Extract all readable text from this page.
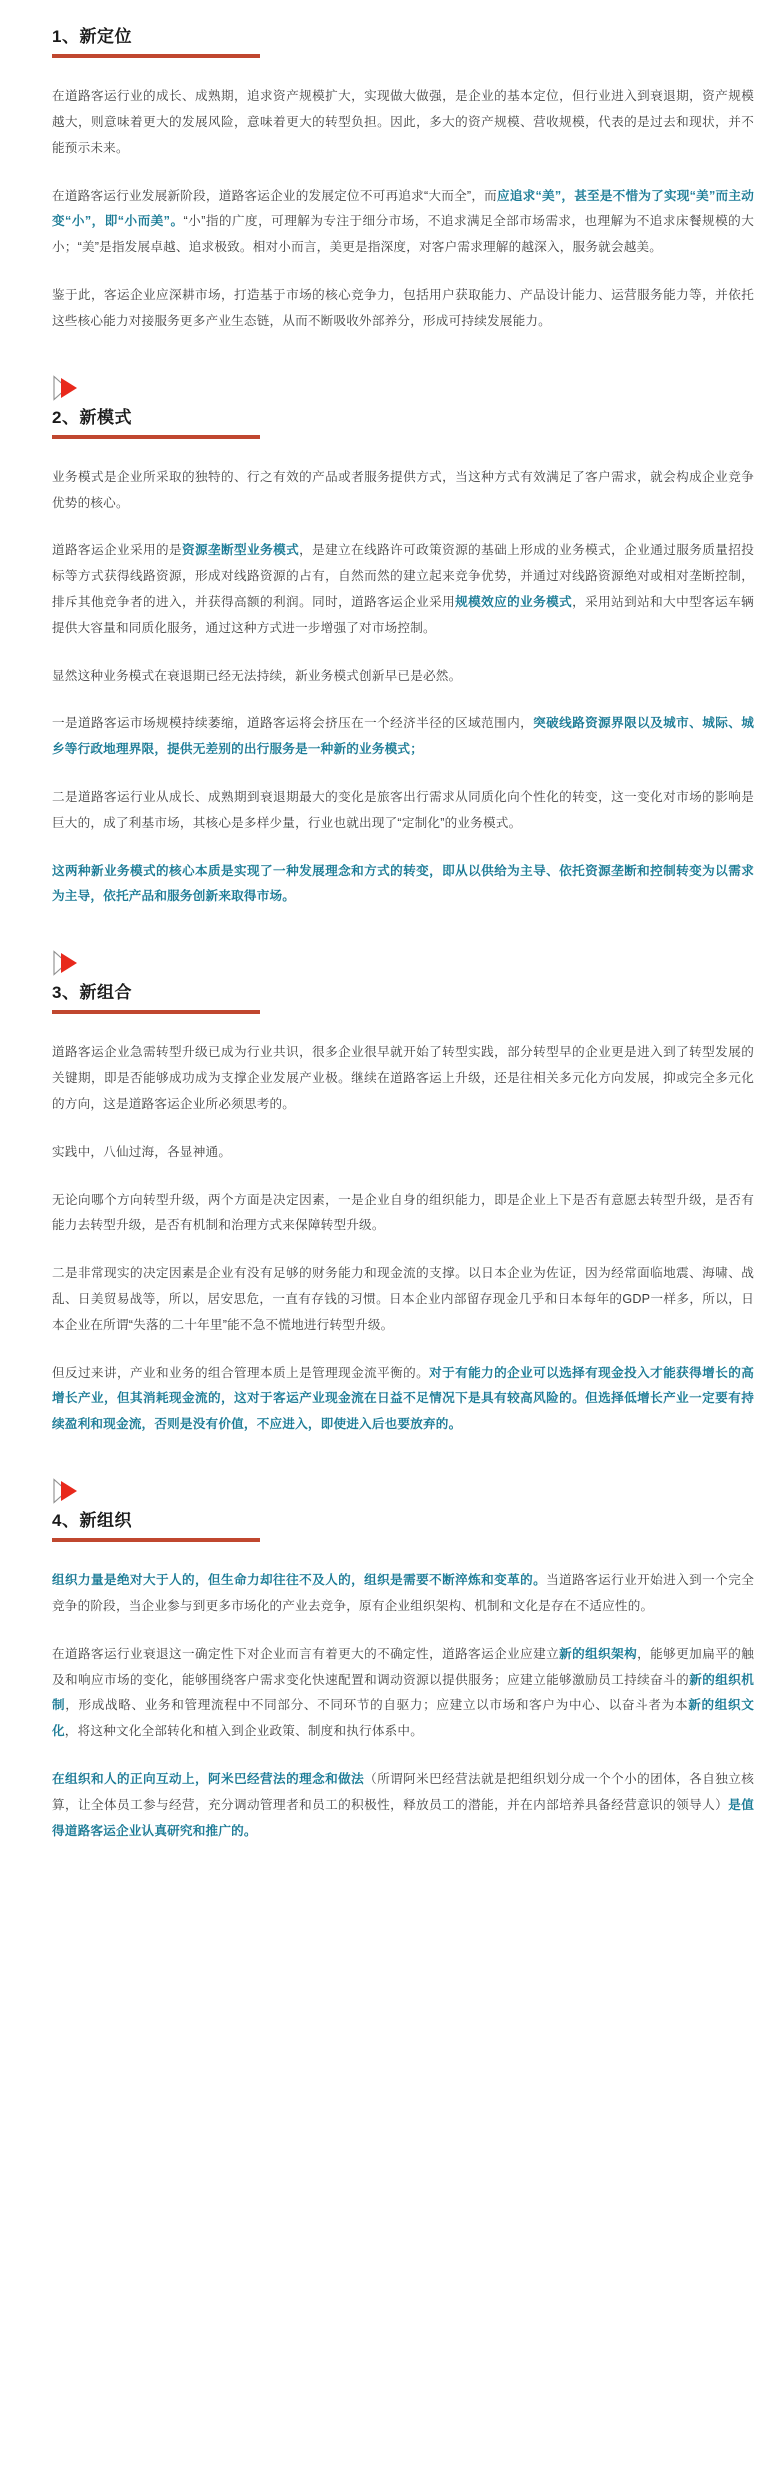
1、新定位

在道路客运行业的成长、成熟期，追求资产规模扩大，实现做大做强，是企业的基本定位，但行业进入到衰退期，资产规模越大，则意味着更大的发展风险，意味着更大的转型负担。因此，多大的资产规模、营收规模，代表的是过去和现状，并不能预示未来。

在道路客运行业发展新阶段，道路客运企业的发展定位不可再追求“大而全”，而应追求“美”，甚至是不惜为了实现“美”而主动变“小”，即“小而美”。“小”指的广度，可理解为专注于细分市场，不追求满足全部市场需求，也理解为不追求床餐规模的大小；“美”是指发展卓越、追求极致。相对小而言，美更是指深度，对客户需求理解的越深入，服务就会越美。

鉴于此，客运企业应深耕市场，打造基于市场的核心竞争力，包括用户获取能力、产品设计能力、运营服务能力等，并依托这些核心能力对接服务更多产业生态链，从而不断吸收外部养分，形成可持续发展能力。

2、新模式

业务模式是企业所采取的独特的、行之有效的产品或者服务提供方式，当这种方式有效满足了客户需求，就会构成企业竞争优势的核心。

道路客运企业采用的是资源垄断型业务模式，是建立在线路许可政策资源的基础上形成的业务模式，企业通过服务质量招投标等方式获得线路资源，形成对线路资源的占有，自然而然的建立起来竞争优势，并通过对线路资源绝对或相对垄断控制，排斥其他竞争者的进入，并获得高额的利润。同时，道路客运企业采用规模效应的业务模式，采用站到站和大中型客运车辆提供大容量和同质化服务，通过这种方式进一步增强了对市场控制。

显然这种业务模式在衰退期已经无法持续，新业务模式创新早已是必然。

一是道路客运市场规模持续萎缩，道路客运将会挤压在一个经济半径的区域范围内，突破线路资源界限以及城市、城际、城乡等行政地理界限，提供无差别的出行服务是一种新的业务模式；

二是道路客运行业从成长、成熟期到衰退期最大的变化是旅客出行需求从同质化向个性化的转变，这一变化对市场的影响是巨大的，成了利基市场，其核心是多样少量，行业也就出现了“定制化”的业务模式。

这两种新业务模式的核心本质是实现了一种发展理念和方式的转变，即从以供给为主导、依托资源垄断和控制转变为以需求为主导，依托产品和服务创新来取得市场。

3、新组合

道路客运企业急需转型升级已成为行业共识，很多企业很早就开始了转型实践，部分转型早的企业更是进入到了转型发展的关键期，即是否能够成功成为支撑企业发展产业极。继续在道路客运上升级，还是往相关多元化方向发展，抑或完全多元化的方向，这是道路客运企业所必须思考的。

实践中，八仙过海，各显神通。

无论向哪个方向转型升级，两个方面是决定因素，一是企业自身的组织能力，即是企业上下是否有意愿去转型升级，是否有能力去转型升级，是否有机制和治理方式来保障转型升级。

二是非常现实的决定因素是企业有没有足够的财务能力和现金流的支撑。以日本企业为佐证，因为经常面临地震、海啸、战乱、日美贸易战等，所以，居安思危，一直有存钱的习惯。日本企业内部留存现金几乎和日本每年的GDP一样多，所以，日本企业在所谓“失落的二十年里”能不急不慌地进行转型升级。

但反过来讲，产业和业务的组合管理本质上是管理现金流平衡的。对于有能力的企业可以选择有现金投入才能获得增长的高增长产业，但其消耗现金流的，这对于客运产业现金流在日益不足情况下是具有较高风险的。但选择低增长产业一定要有持续盈利和现金流，否则是没有价值，不应进入，即使进入后也要放弃的。

4、新组织

组织力量是绝对大于人的，但生命力却往往不及人的，组织是需要不断淬炼和变革的。当道路客运行业开始进入到一个完全竞争的阶段，当企业参与到更多市场化的产业去竞争，原有企业组织架构、机制和文化是存在不适应性的。

在道路客运行业衰退这一确定性下对企业而言有着更大的不确定性，道路客运企业应建立新的组织架构，能够更加扁平的触及和响应市场的变化，能够围绕客户需求变化快速配置和调动资源以提供服务；应建立能够激励员工持续奋斗的新的组织机制，形成战略、业务和管理流程中不同部分、不同环节的自驱力；应建立以市场和客户为中心、以奋斗者为本新的组织文化，将这种文化全部转化和植入到企业政策、制度和执行体系中。

在组织和人的正向互动上，阿米巴经营法的理念和做法（所谓阿米巴经营法就是把组织划分成一个个小的团体，各自独立核算，让全体员工参与经营，充分调动管理者和员工的积极性，释放员工的潜能，并在内部培养具备经营意识的领导人）是值得道路客运企业认真研究和推广的。
